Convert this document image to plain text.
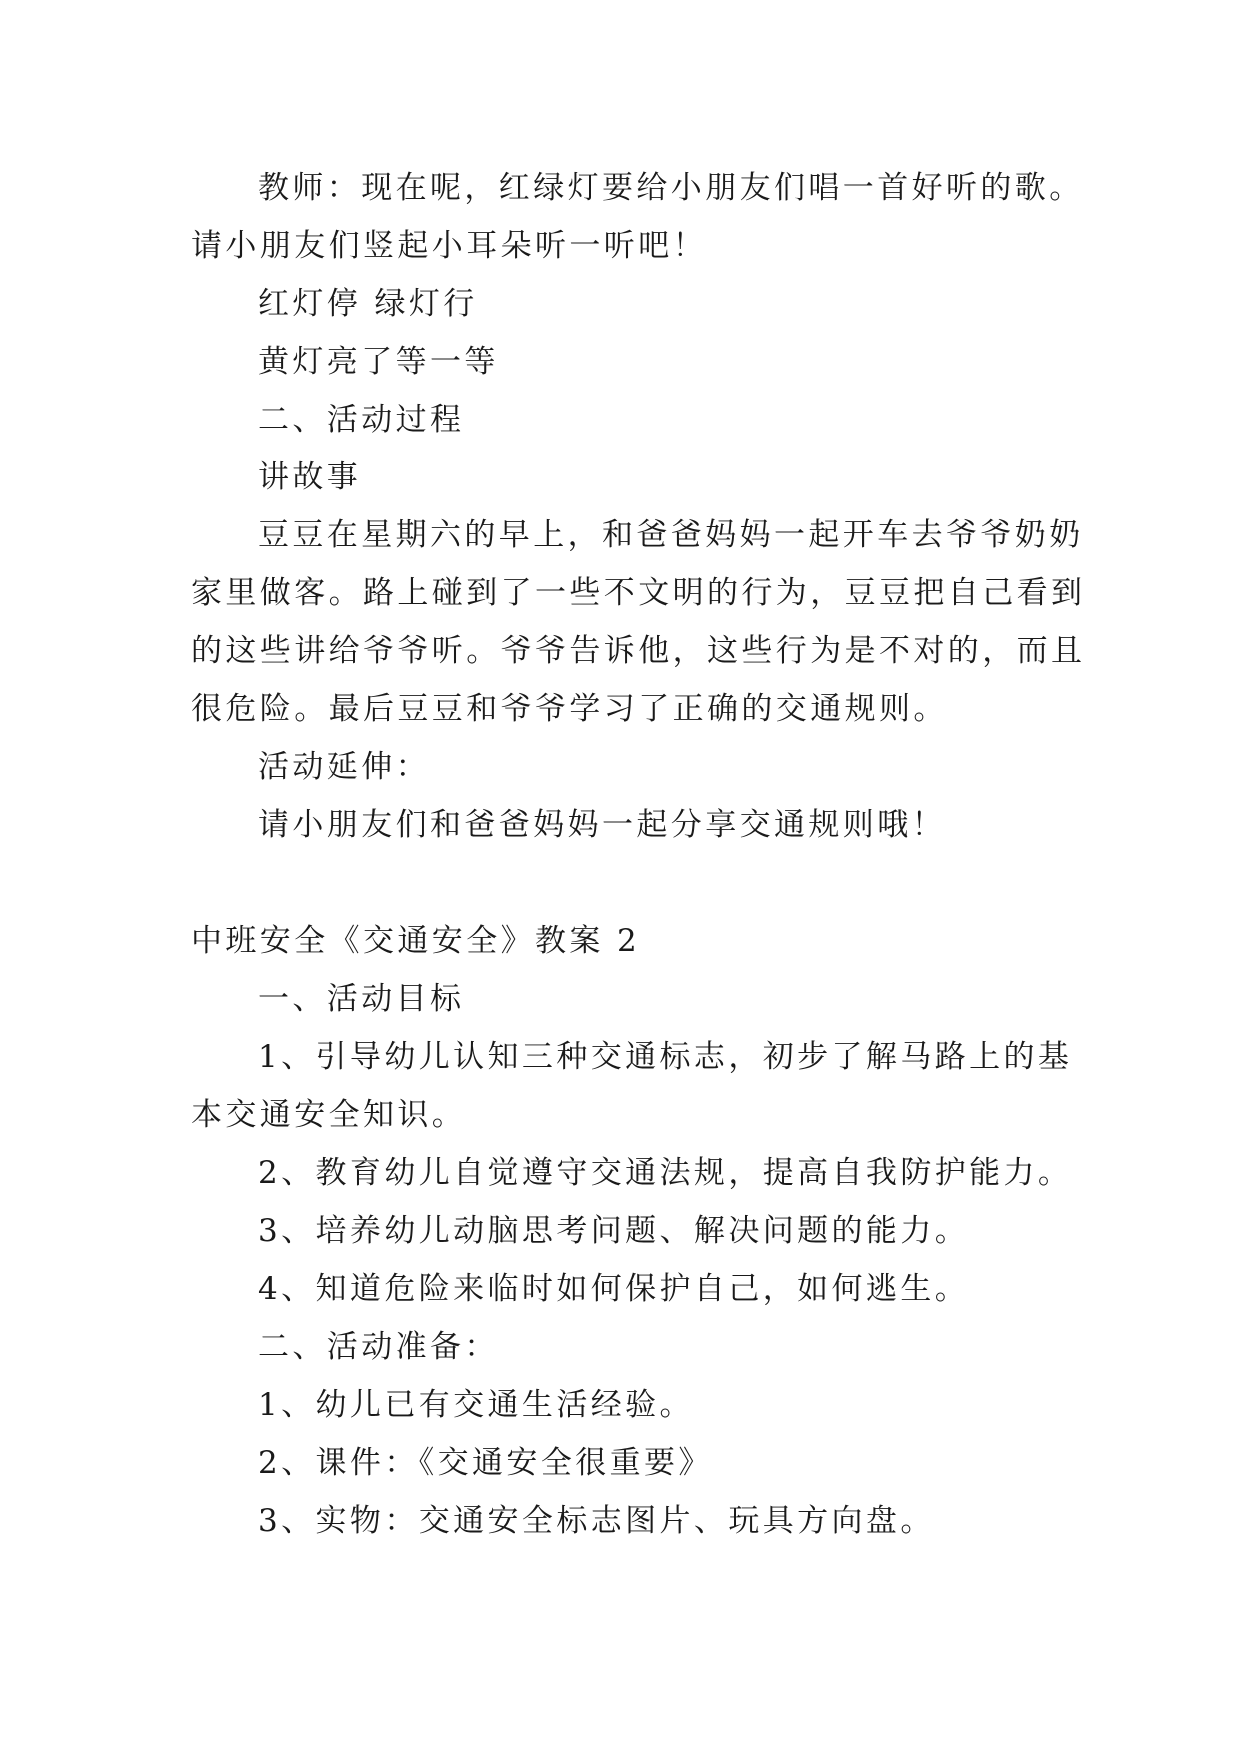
教师：现在呢，红绿灯要给小朋友们唱一首好听的歌。
请小朋友们竖起小耳朵听一听吧！
红灯停 绿灯行
黄灯亮了等一等
二、活动过程
讲故事
豆豆在星期六的早上，和爸爸妈妈一起开车去爷爷奶奶
家里做客。路上碰到了一些不文明的行为，豆豆把自己看到
的这些讲给爷爷听。爷爷告诉他，这些行为是不对的，而且
很危险。最后豆豆和爷爷学习了正确的交通规则。
活动延伸：
请小朋友们和爸爸妈妈一起分享交通规则哦！
中班安全《交通安全》教案 2
一、活动目标
1、引导幼儿认知三种交通标志，初步了解马路上的基
本交通安全知识。
2、教育幼儿自觉遵守交通法规，提高自我防护能力。
3、培养幼儿动脑思考问题、解决问题的能力。
4、知道危险来临时如何保护自己，如何逃生。
二、活动准备：
1、幼儿已有交通生活经验。
2、课件：《交通安全很重要》
3、实物：交通安全标志图片、玩具方向盘。
